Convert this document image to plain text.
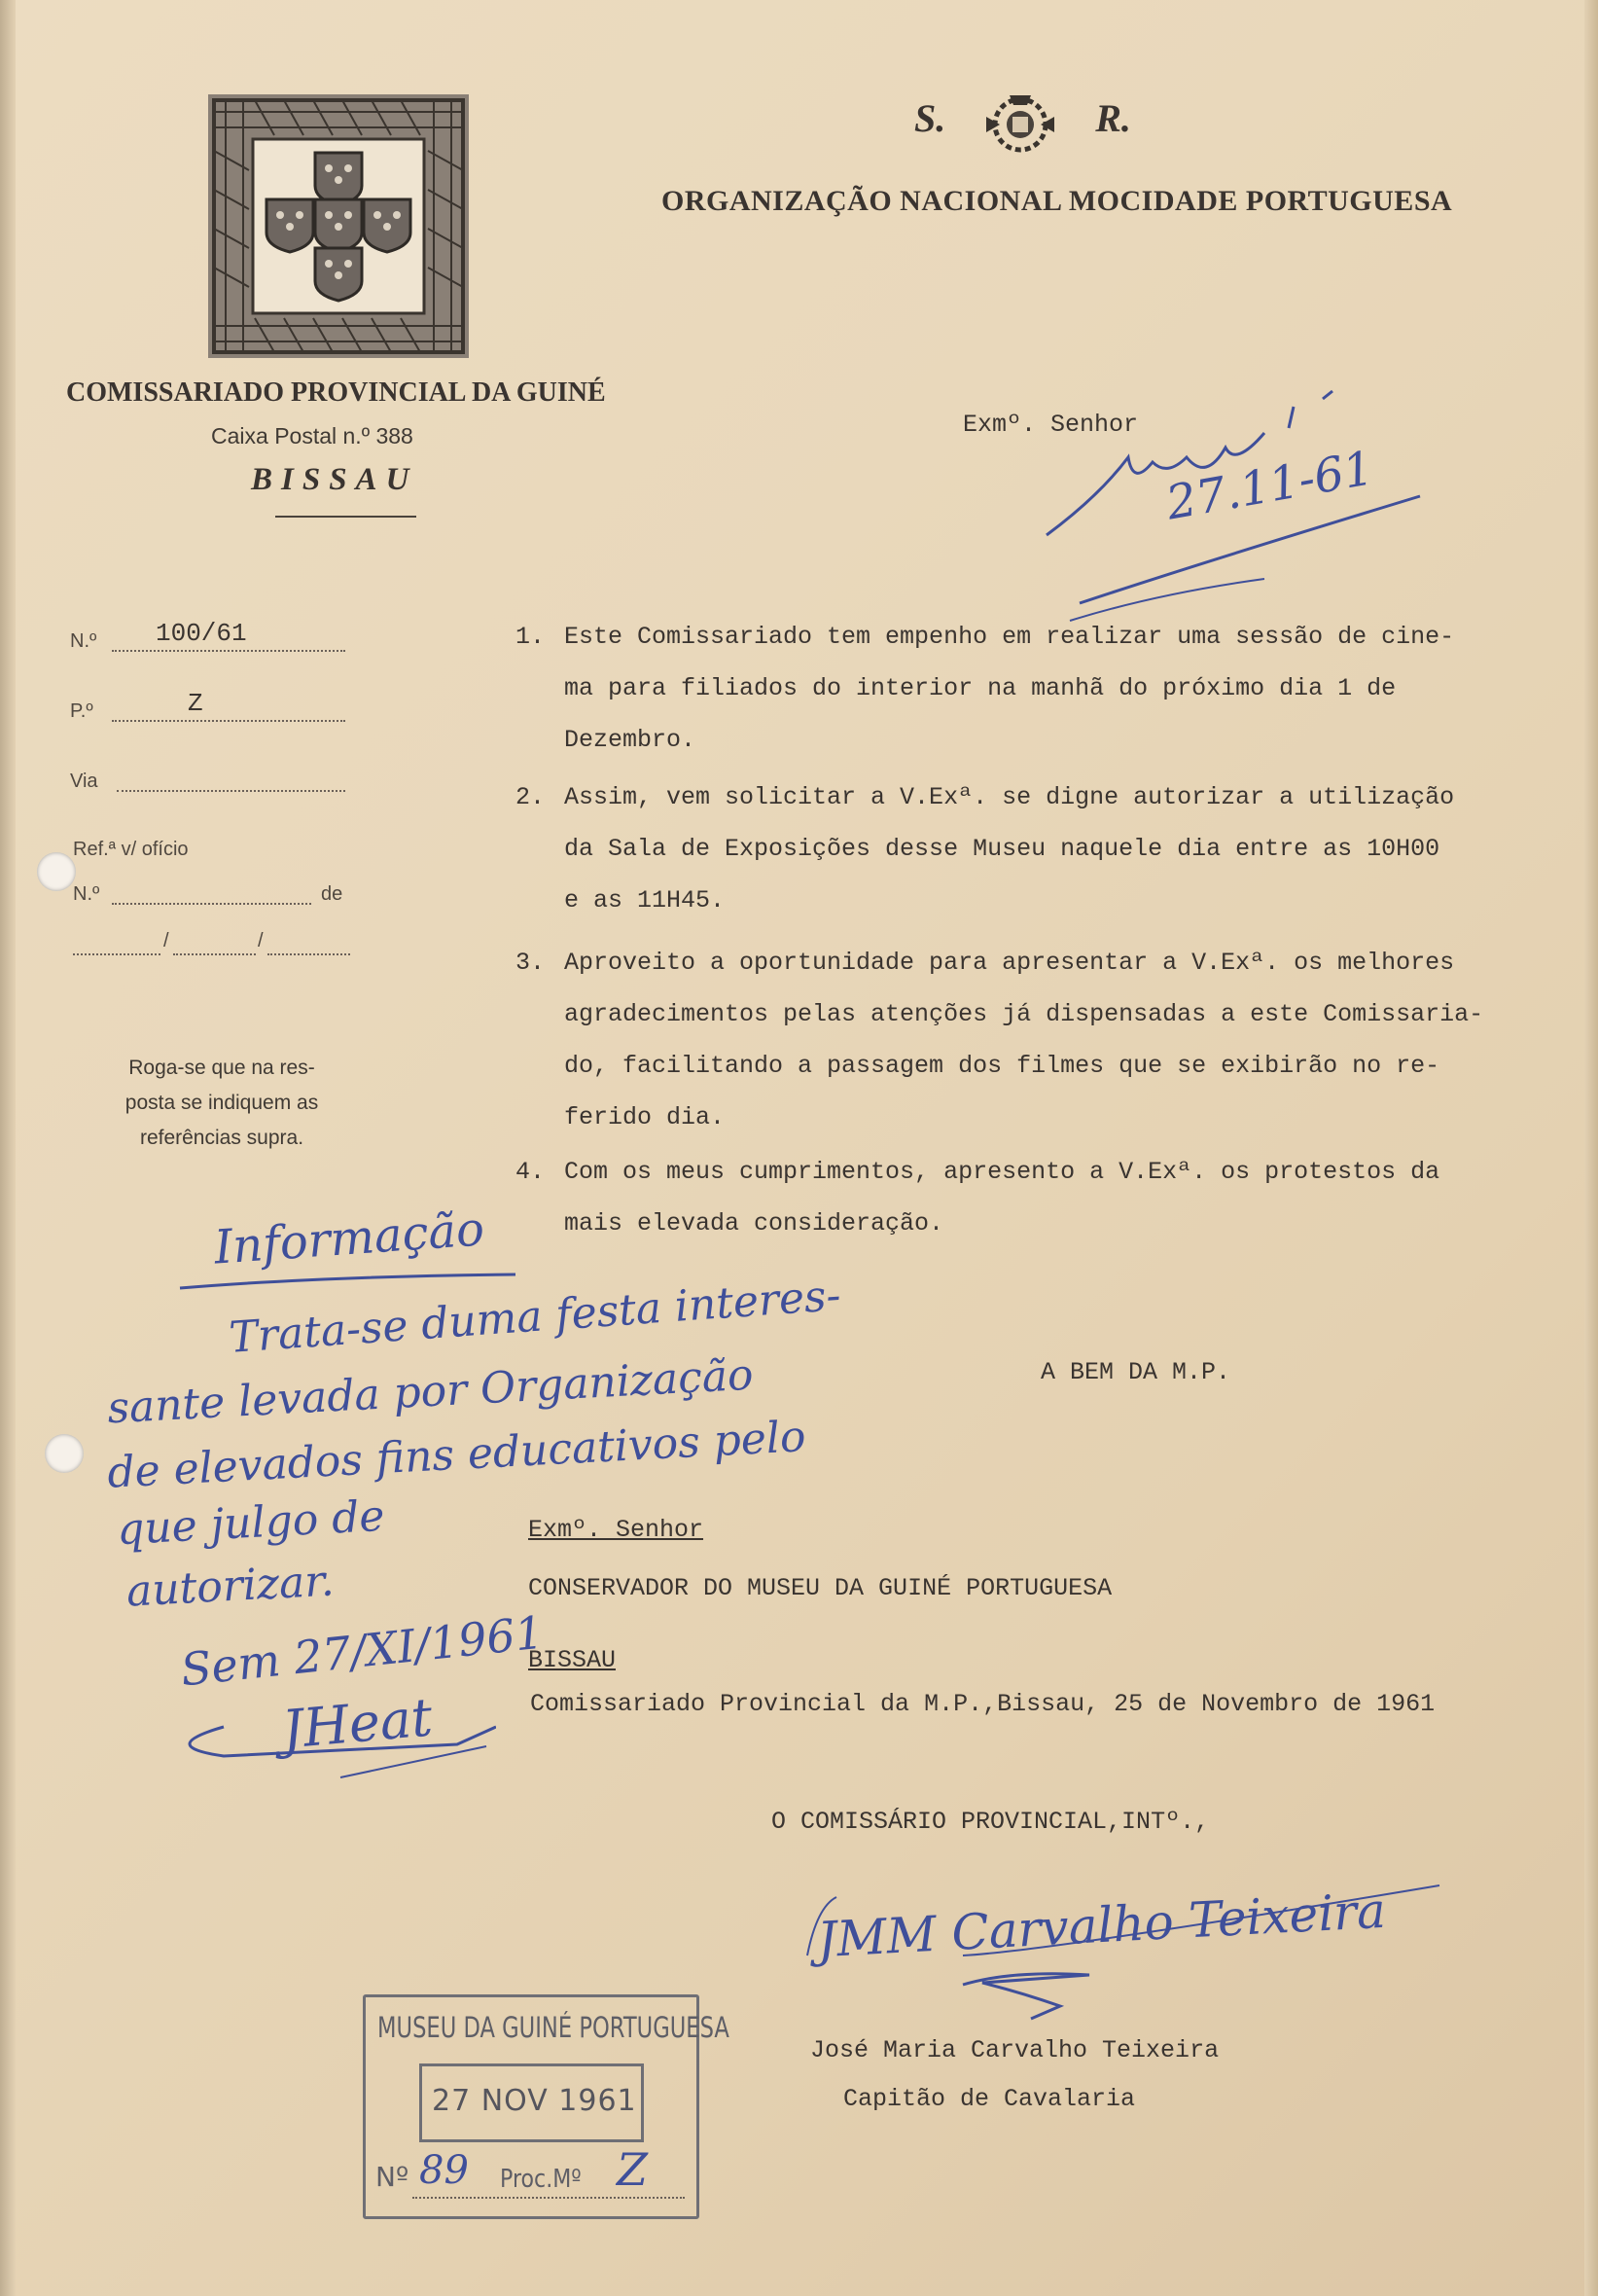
S.	R.
ORGANIZAÇÃO NACIONAL MOCIDADE PORTUGUESA
COMISSARIADO PROVINCIAL DA GUINÉ
Caixa Postal n.º 388
BISSAU
N.º 100/61
P.º	Z
Via
Ref.ª v/ ofício
N.º	de
/	/
Roga-se que na res-
posta se indiquem as
referências supra.
Exmº. Senhor
27.11-61
1. Este Comissariado tem empenho em realizar uma sessão de cine-
ma para filiados do interior na manhã do próximo dia 1 de
Dezembro.
2. Assim, vem solicitar a V.Exª. se digne autorizar a utilização
da Sala de Exposições desse Museu naquele dia entre as 10H00
e as 11H45.
3. Aproveito a oportunidade para apresentar a V.Exª. os melhores
agradecimentos pelas atenções já dispensadas a este Comissaria-
do, facilitando a passagem dos filmes que se exibirão no re-
ferido dia.
4. Com os meus cumprimentos, apresento a V.Exª. os protestos da
mais elevada consideração.
A BEM DA M.P.
Exmº. Senhor
CONSERVADOR DO MUSEU DA GUINÉ PORTUGUESA
BISSAU
Comissariado Provincial da M.P.,Bissau, 25 de Novembro de 1961
O COMISSÁRIO PROVINCIAL,INTº.,
JMM Carvalho Teixeira
José Maria Carvalho Teixeira
Capitão de Cavalaria
Informação
Trata-se duma festa interes-
sante levada por Organização
de elevados fins educativos pelo
que julgo de
autorizar.
Sem 27/XI/1961
JHeat
MUSEU DA GUINÉ PORTUGUESA
27 NOV 1961
Nº 89 Proc.Mº Z
